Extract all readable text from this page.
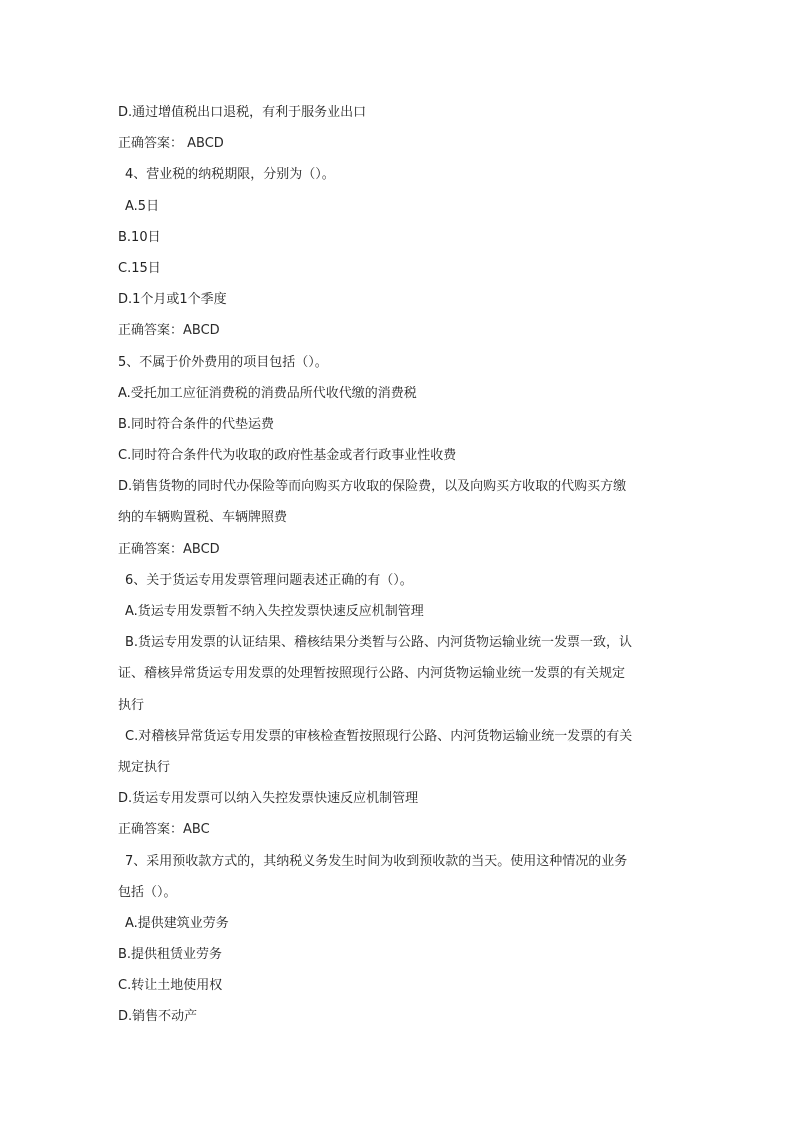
D.通过增值税出口退税，有利于服务业出口
正确答案： ABCD
4、营业税的纳税期限，分别为（）。
A.5日
B.10日
C.15日
D.1个月或1个季度
正确答案：ABCD
5、不属于价外费用的项目包括（）。
A.受托加工应征消费税的消费品所代收代缴的消费税
B.同时符合条件的代垫运费
C.同时符合条件代为收取的政府性基金或者行政事业性收费
D.销售货物的同时代办保险等而向购买方收取的保险费，以及向购买方收取的代购买方缴
纳的车辆购置税、车辆牌照费
正确答案：ABCD
6、关于货运专用发票管理问题表述正确的有（）。
A.货运专用发票暂不纳入失控发票快速反应机制管理
B.货运专用发票的认证结果、稽核结果分类暂与公路、内河货物运输业统一发票一致，认
证、稽核异常货运专用发票的处理暂按照现行公路、内河货物运输业统一发票的有关规定
执行
C.对稽核异常货运专用发票的审核检查暂按照现行公路、内河货物运输业统一发票的有关
规定执行
D.货运专用发票可以纳入失控发票快速反应机制管理
正确答案：ABC
7、采用预收款方式的，其纳税义务发生时间为收到预收款的当天。使用这种情况的业务
包括（）。
A.提供建筑业劳务
B.提供租赁业劳务
C.转让土地使用权
D.销售不动产
